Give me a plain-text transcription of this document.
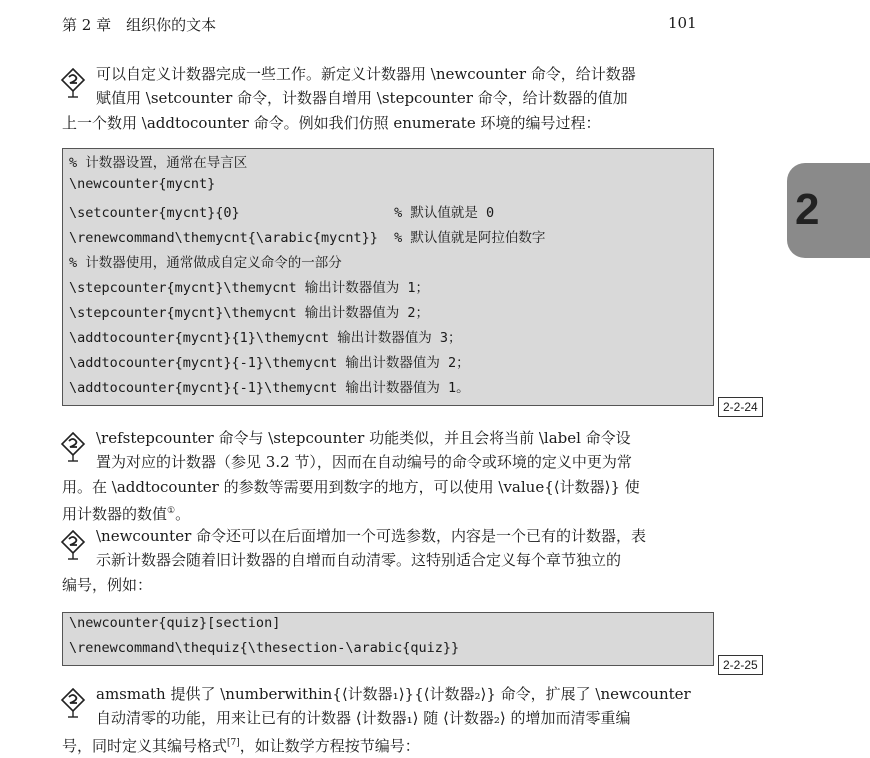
第 2 章　组织你的文本	101
2
可以自定义计数器完成一些工作。新定义计数器用 \newcounter 命令，给计数器
赋值用 \setcounter 命令，计数器自增用 \stepcounter 命令，给计数器的值加
上一个数用 \addtocounter 命令。例如我们仿照 enumerate 环境的编号过程：
% 计数器设置，通常在导言区
\newcounter{mycnt}
\setcounter{mycnt}{0}                   % 默认值就是 0
\renewcommand\themycnt{\arabic{mycnt}}  % 默认值就是阿拉伯数字
% 计数器使用，通常做成自定义命令的一部分
\stepcounter{mycnt}\themycnt 输出计数器值为 1；
\stepcounter{mycnt}\themycnt 输出计数器值为 2；
\addtocounter{mycnt}{1}\themycnt 输出计数器值为 3；
\addtocounter{mycnt}{-1}\themycnt 输出计数器值为 2；
\addtocounter{mycnt}{-1}\themycnt 输出计数器值为 1。
2-2-24
\refstepcounter 命令与 \stepcounter 功能类似，并且会将当前 \label 命令设
置为对应的计数器（参见 3.2 节），因而在自动编号的命令或环境的定义中更为常
用。在 \addtocounter 的参数等需要用到数字的地方，可以使用 \value{⟨计数器⟩} 使
用计数器的数值①。
\newcounter 命令还可以在后面增加一个可选参数，内容是一个已有的计数器，表
示新计数器会随着旧计数器的自增而自动清零。这特别适合定义每个章节独立的
编号，例如：
\newcounter{quiz}[section]
\renewcommand\thequiz{\thesection-\arabic{quiz}}
2-2-25
amsmath 提供了 \numberwithin{⟨计数器₁⟩}{⟨计数器₂⟩} 命令，扩展了 \newcounter
自动清零的功能，用来让已有的计数器 ⟨计数器₁⟩ 随 ⟨计数器₂⟩ 的增加而清零重编
号，同时定义其编号格式[7]，如让数学方程按节编号：
